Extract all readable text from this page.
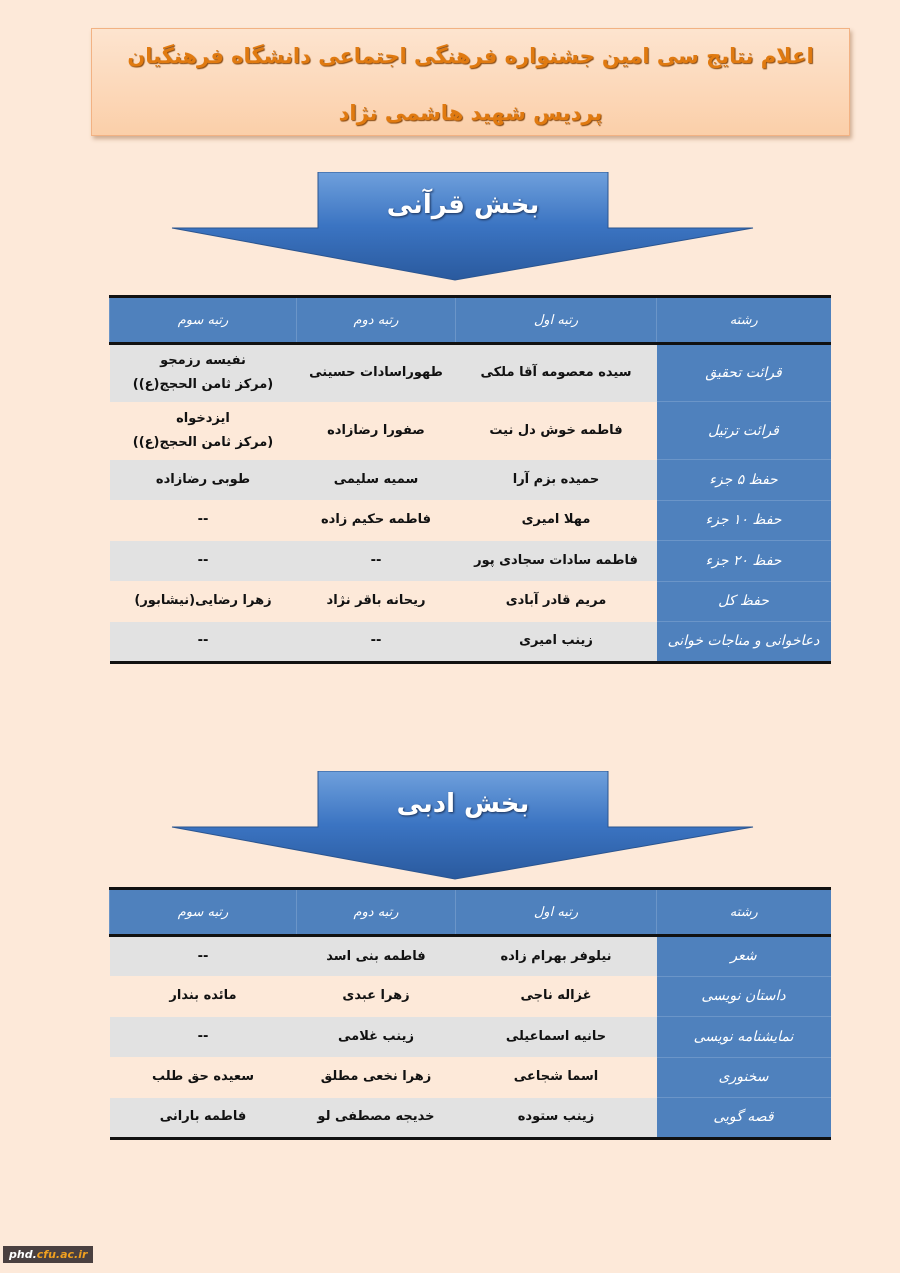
اعلام نتایج سی امین جشنواره فرهنگی اجتماعی دانشگاه فرهنگیان
پردیس شهید هاشمی نژاد
بخش قرآنی
رشته	رتبه اول	رتبه دوم	رتبه سوم
قرائت تحقیق	سیده معصومه آقا ملکی	طهوراسادات حسینی	نفیسه رزمجو
(مرکز ثامن الحجج(ع))
قرائت ترتیل	فاطمه خوش دل نیت	صفورا رضازاده	ایزدخواه
(مرکز ثامن الحجج(ع))
حفظ ۵ جزء	حمیده بزم آرا	سمیه سلیمی	طوبی رضازاده
حفظ ۱۰ جزء	مهلا امیری	فاطمه حکیم زاده	--
حفظ ۲۰ جزء	فاطمه سادات سجادی پور	--	--
حفظ کل	مریم قادر آبادی	ریحانه باقر نژاد	زهرا رضایی(نیشابور)
دعاخوانی و مناجات خوانی	زینب امیری	--	--
بخش ادبی
رشته	رتبه اول	رتبه دوم	رتبه سوم
شعر	نیلوفر بهرام زاده	فاطمه بنی اسد	--
داستان نویسی	غزاله ناجی	زهرا عبدی	مائده بندار
نمایشنامه نویسی	حانیه اسماعیلی	زینب غلامی	--
سخنوری	اسما شجاعی	زهرا نخعی مطلق	سعیده حق طلب
قصه گویی	زینب ستوده	خدیجه مصطفی لو	فاطمه بارانی
phd.cfu.ac.ir
